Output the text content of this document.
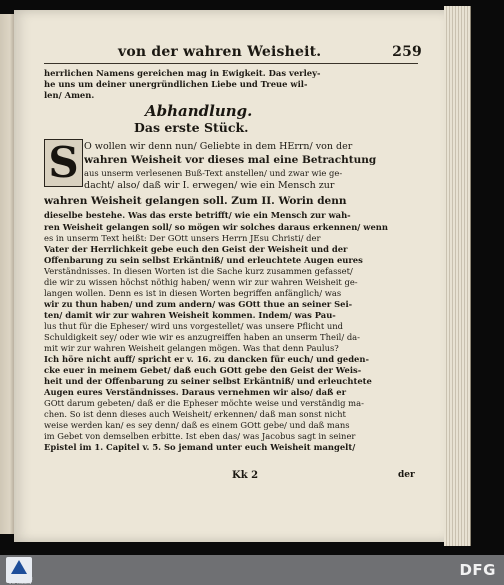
von der wahren Weisheit.	259
herrlichen Namens gereichen mag in Ewigkeit. Das verley-
he uns um deiner unergründlichen Liebe und Treue wil-
len/ Amen.
Abhandlung.
Das erste Stück.
S O wollen wir denn nun/ Geliebte in dem HErrn/ von der
wahren Weisheit vor dieses mal eine Betrachtung
aus unserm verlesenen Buß-Text anstellen/ und zwar wie ge-
dacht/ also/ daß wir I. erwegen/ wie ein Mensch zur
wahren Weisheit gelangen soll. Zum II. Worin denn
dieselbe bestehe. Was das erste betrifft/ wie ein Mensch zur wah-
ren Weisheit gelangen soll/ so mögen wir solches daraus erkennen/ wenn
es in unserm Text heißt: Der GOtt unsers Herrn JEsu Christi/ der
Vater der Herrlichkeit gebe euch den Geist der Weisheit und der
Offenbarung zu sein selbst Erkäntniß/ und erleuchtete Augen eures
Verständnisses. In diesen Worten ist die Sache kurz zusammen gefasset/
die wir zu wissen höchst nöthig haben/ wenn wir zur wahren Weisheit ge-
langen wollen. Denn es ist in diesen Worten begriffen anfänglich/ was
wir zu thun haben/ und zum andern/ was GOtt thue an seiner Sei-
ten/ damit wir zur wahren Weisheit kommen. Indem/ was Pau-
lus thut für die Epheser/ wird uns vorgestellet/ was unsere Pflicht und
Schuldigkeit sey/ oder wie wir es anzugreiffen haben an unserm Theil/ da-
mit wir zur wahren Weisheit gelangen mögen. Was that denn Paulus?
Ich höre nicht auff/ spricht er v. 16. zu dancken für euch/ und geden-
cke euer in meinem Gebet/ daß euch GOtt gebe den Geist der Weis-
heit und der Offenbarung zu seiner selbst Erkäntniß/ und erleuchtete
Augen eures Verständnisses. Daraus vernehmen wir also/ daß er
GOtt darum gebeten/ daß er die Epheser möchte weise und verständig ma-
chen. So ist denn dieses auch Weisheit/ erkennen/ daß man sonst nicht
weise werden kan/ es sey denn/ daß es einem GOtt gebe/ und daß mans
im Gebet von demselben erbitte. Ist eben das/ was Jacobus sagt in seiner
Epistel im 1. Capitel v. 5. So jemand unter euch Weisheit mangelt/
Kk 2	der
FRANCKESCHE STIFTUNGEN
DFG
